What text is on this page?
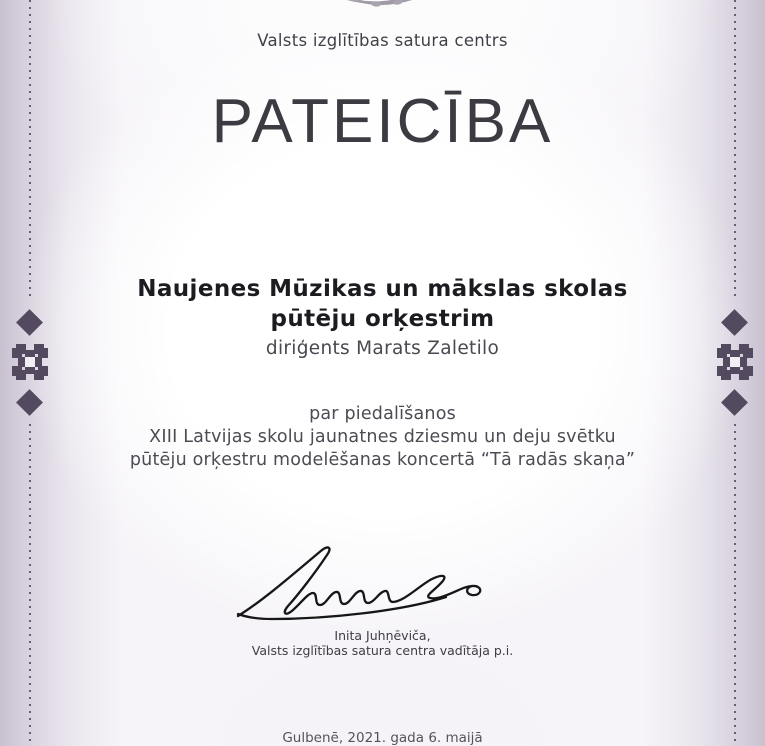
Valsts izglītības satura centrs
PATEICĪBA
Naujenes Mūzikas un mākslas skolas
pūtēju orķestrim
diriģents Marats Zaletilo
par piedalīšanos
XIII Latvijas skolu jaunatnes dziesmu un deju svētku
pūtēju orķestru modelēšanas koncertā “Tā radās skaņa”
Inita Juhņēviča,
Valsts izglītības satura centra vadītāja p.i.
Gulbenē, 2021. gada 6. maijā
